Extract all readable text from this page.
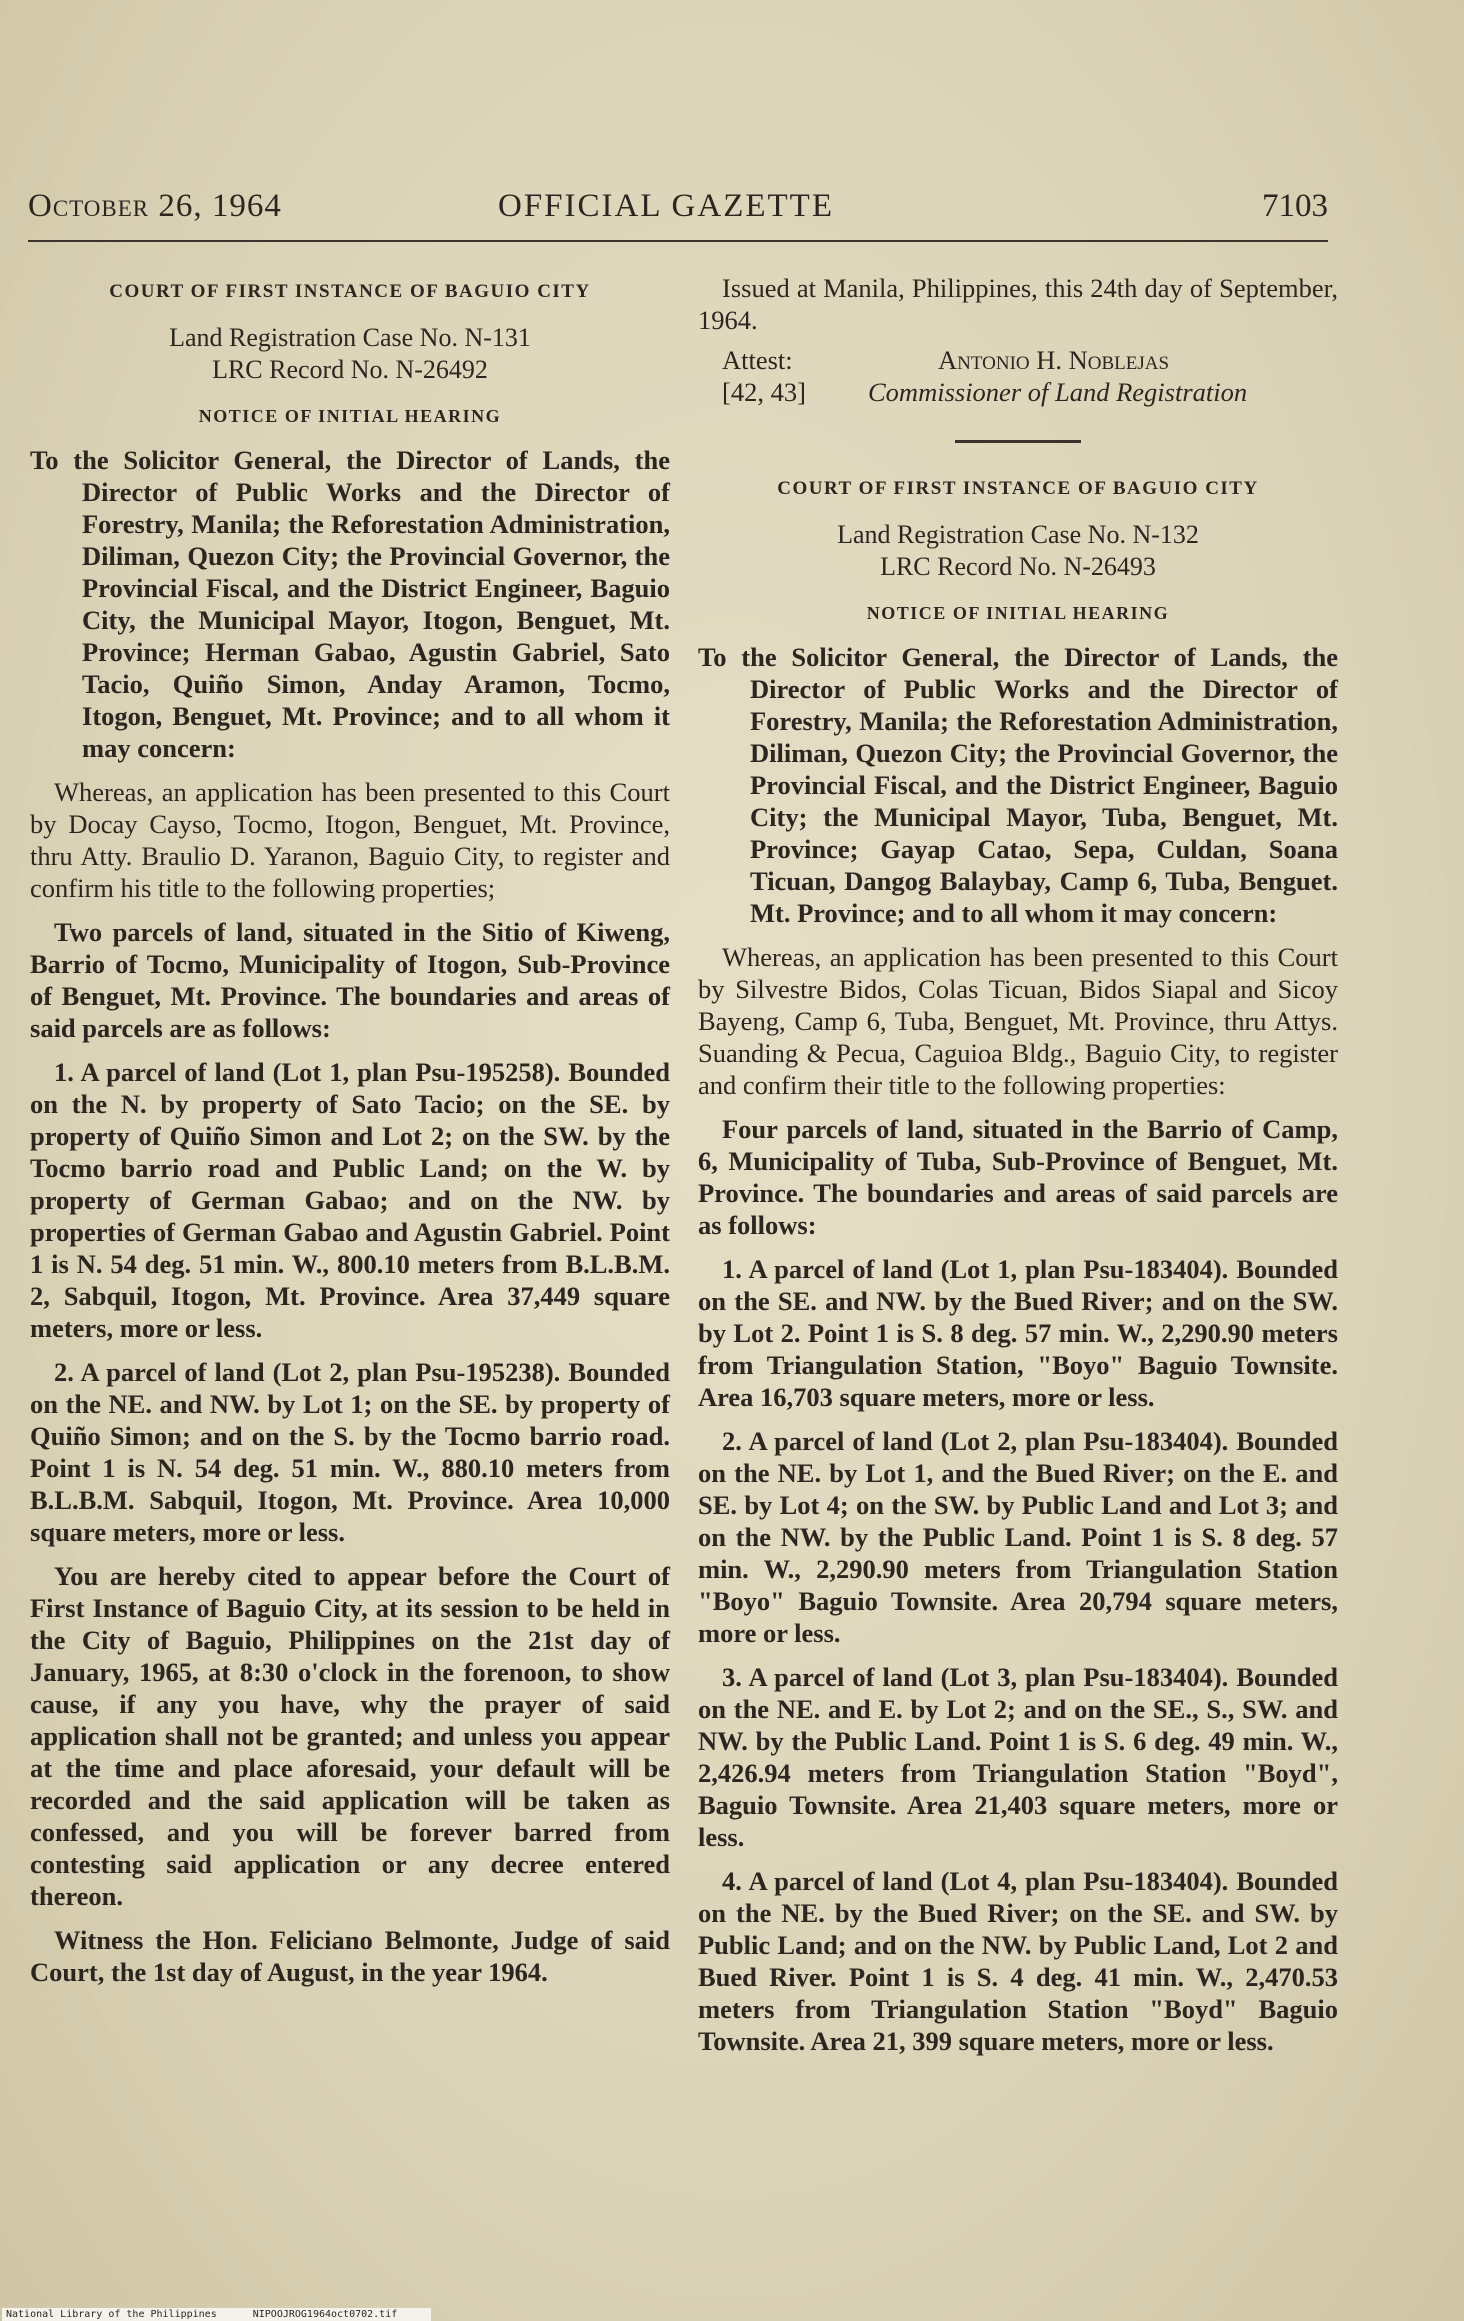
October 26, 1964	OFFICIAL GAZETTE	7103
COURT OF FIRST INSTANCE OF BAGUIO CITY
Land Registration Case No. N-131
LRC Record No. N-26492
NOTICE OF INITIAL HEARING

To the Solicitor General, the Director of Lands, the Director of Public Works and the Director of Forestry, Manila; the Reforestation Administration, Diliman, Quezon City; the Provincial Governor, the Provincial Fiscal, and the District Engineer, Baguio City, the Municipal Mayor, Itogon, Benguet, Mt. Province; Herman Gabao, Agustin Gabriel, Sato Tacio, Quiño Simon, Anday Aramon, Tocmo, Itogon, Benguet, Mt. Province; and to all whom it may concern:

Whereas, an application has been presented to this Court by Docay Cayso, Tocmo, Itogon, Benguet, Mt. Province, thru Atty. Braulio D. Yaranon, Baguio City, to register and confirm his title to the following properties;

Two parcels of land, situated in the Sitio of Kiweng, Barrio of Tocmo, Municipality of Itogon, Sub-Province of Benguet, Mt. Province. The boundaries and areas of said parcels are as follows:

1. A parcel of land (Lot 1, plan Psu-195258). Bounded on the N. by property of Sato Tacio; on the SE. by property of Quiño Simon and Lot 2; on the SW. by the Tocmo barrio road and Public Land; on the W. by property of German Gabao; and on the NW. by properties of German Gabao and Agustin Gabriel. Point 1 is N. 54 deg. 51 min. W., 800.10 meters from B.L.B.M. 2, Sabquil, Itogon, Mt. Province. Area 37,449 square meters, more or less.

2. A parcel of land (Lot 2, plan Psu-195238). Bounded on the NE. and NW. by Lot 1; on the SE. by property of Quiño Simon; and on the S. by the Tocmo barrio road. Point 1 is N. 54 deg. 51 min. W., 880.10 meters from B.L.B.M. Sabquil, Itogon, Mt. Province. Area 10,000 square meters, more or less.

You are hereby cited to appear before the Court of First Instance of Baguio City, at its session to be held in the City of Baguio, Philippines on the 21st day of January, 1965, at 8:30 o'clock in the forenoon, to show cause, if any you have, why the prayer of said application shall not be granted; and unless you appear at the time and place aforesaid, your default will be recorded and the said application will be taken as confessed, and you will be forever barred from contesting said application or any decree entered thereon.

Witness the Hon. Feliciano Belmonte, Judge of said Court, the 1st day of August, in the year 1964.

Issued at Manila, Philippines, this 24th day of September, 1964.

Attest:
[42, 43]
Antonio H. Noblejas
Commissioner of Land Registration
COURT OF FIRST INSTANCE OF BAGUIO CITY
Land Registration Case No. N-132
LRC Record No. N-26493
NOTICE OF INITIAL HEARING

To the Solicitor General, the Director of Lands, the Director of Public Works and the Director of Forestry, Manila; the Reforestation Administration, Diliman, Quezon City; the Provincial Governor, the Provincial Fiscal, and the District Engineer, Baguio City; the Municipal Mayor, Tuba, Benguet, Mt. Province; Gayap Catao, Sepa, Culdan, Soana Ticuan, Dangog Balaybay, Camp 6, Tuba, Benguet. Mt. Province; and to all whom it may concern:

Whereas, an application has been presented to this Court by Silvestre Bidos, Colas Ticuan, Bidos Siapal and Sicoy Bayeng, Camp 6, Tuba, Benguet, Mt. Province, thru Attys. Suanding & Pecua, Caguioa Bldg., Baguio City, to register and confirm their title to the following properties:

Four parcels of land, situated in the Barrio of Camp, 6, Municipality of Tuba, Sub-Province of Benguet, Mt. Province. The boundaries and areas of said parcels are as follows:

1. A parcel of land (Lot 1, plan Psu-183404). Bounded on the SE. and NW. by the Bued River; and on the SW. by Lot 2. Point 1 is S. 8 deg. 57 min. W., 2,290.90 meters from Triangulation Station, "Boyo" Baguio Townsite. Area 16,703 square meters, more or less.

2. A parcel of land (Lot 2, plan Psu-183404). Bounded on the NE. by Lot 1, and the Bued River; on the E. and SE. by Lot 4; on the SW. by Public Land and Lot 3; and on the NW. by the Public Land. Point 1 is S. 8 deg. 57 min. W., 2,290.90 meters from Triangulation Station "Boyo" Baguio Townsite. Area 20,794 square meters, more or less.

3. A parcel of land (Lot 3, plan Psu-183404). Bounded on the NE. and E. by Lot 2; and on the SE., S., SW. and NW. by the Public Land. Point 1 is S. 6 deg. 49 min. W., 2,426.94 meters from Triangulation Station "Boyd", Baguio Townsite. Area 21,403 square meters, more or less.

4. A parcel of land (Lot 4, plan Psu-183404). Bounded on the NE. by the Bued River; on the SE. and SW. by Public Land; and on the NW. by Public Land, Lot 2 and Bued River. Point 1 is S. 4 deg. 41 min. W., 2,470.53 meters from Triangulation Station "Boyd" Baguio Townsite. Area 21, 399 square meters, more or less.

National Library of the Philippines	NIPOOJROG1964oct0702.tif
